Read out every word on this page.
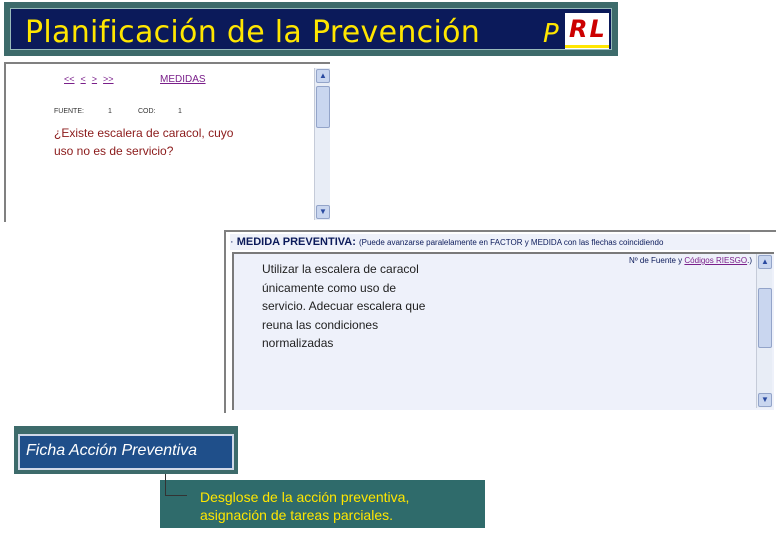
Planificación de la Prevención P RL
<< < > >>	MEDIDAS
FUENTE:	1	COD:	1
¿Existe escalera de caracol, cuyo uso no es de servicio?
▲
▼
· MEDIDA PREVENTIVA: (Puede avanzarse paralelamente en FACTOR y MEDIDA con las flechas coincidiendo
Utilizar la escalera de caracol únicamente como uso de servicio. Adecuar escalera que reuna las condiciones normalizadas
Nº de Fuente y Códigos RIESGO.)	▲
▼
Ficha Acción Preventiva
Desglose de la acción preventiva,
asignación de tareas parciales.
